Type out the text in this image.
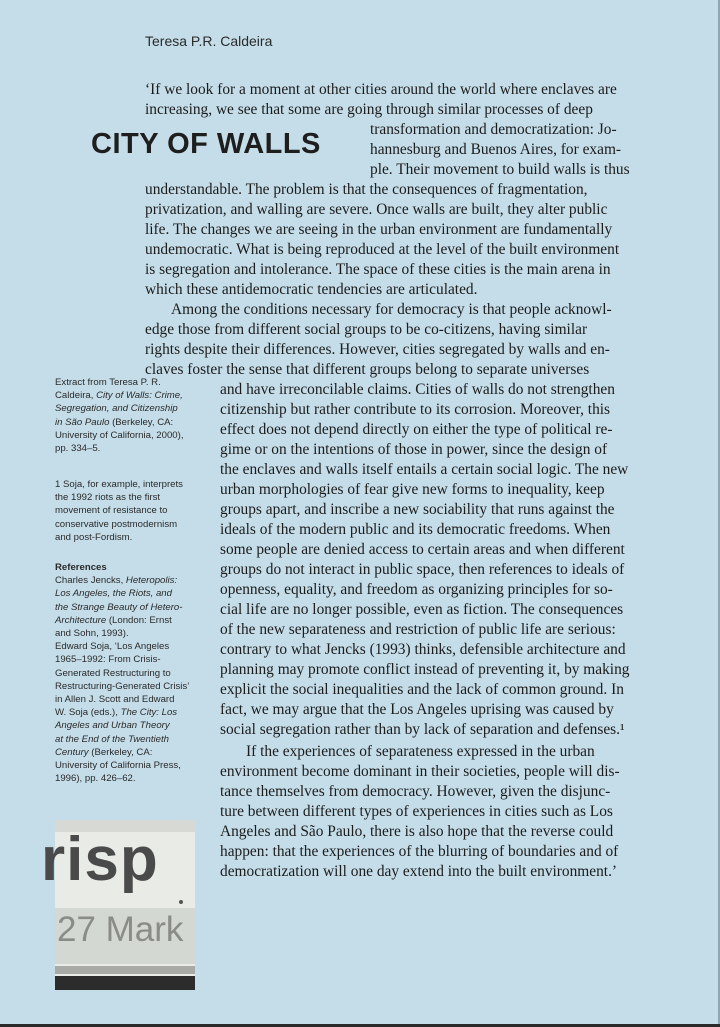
Teresa P.R. Caldeira
CITY OF WALLS
‘If we look for a moment at other cities around the world where enclaves are
increasing, we see that some are going through similar processes of deep
transformation and democratization: Jo-
hannesburg and Buenos Aires, for exam-
ple. Their movement to build walls is thus
understandable. The problem is that the consequences of fragmentation,
privatization, and walling are severe. Once walls are built, they alter public
life. The changes we are seeing in the urban environment are fundamentally
undemocratic. What is being reproduced at the level of the built environment
is segregation and intolerance. The space of these cities is the main arena in
which these antidemocratic tendencies are articulated.
Among the conditions necessary for democracy is that people acknowl-
edge those from different social groups to be co-citizens, having similar
rights despite their differences. However, cities segregated by walls and en-
claves foster the sense that different groups belong to separate universes
and have irreconcilable claims. Cities of walls do not strengthen
citizenship but rather contribute to its corrosion. Moreover, this
effect does not depend directly on either the type of political re-
gime or on the intentions of those in power, since the design of
the enclaves and walls itself entails a certain social logic. The new
urban morphologies of fear give new forms to inequality, keep
groups apart, and inscribe a new sociability that runs against the
ideals of the modern public and its democratic freedoms. When
some people are denied access to certain areas and when different
groups do not interact in public space, then references to ideals of
openness, equality, and freedom as organizing principles for so-
cial life are no longer possible, even as fiction. The consequences
of the new separateness and restriction of public life are serious:
contrary to what Jencks (1993) thinks, defensible architecture and
planning may promote conflict instead of preventing it, by making
explicit the social inequalities and the lack of common ground. In
fact, we may argue that the Los Angeles uprising was caused by
social segregation rather than by lack of separation and defenses.¹
If the experiences of separateness expressed in the urban
environment become dominant in their societies, people will dis-
tance themselves from democracy. However, given the disjunc-
ture between different types of experiences in cities such as Los
Angeles and São Paulo, there is also hope that the reverse could
happen: that the experiences of the blurring of boundaries and of
democratization will one day extend into the built environment.’
Extract from Teresa P. R.
Caldeira, City of Walls: Crime,
Segregation, and Citizenship
in São Paulo (Berkeley, CA:
University of California, 2000),
pp. 334–5.
1 Soja, for example, interprets
the 1992 riots as the first
movement of resistance to
conservative postmodernism
and post-Fordism.
References
Charles Jencks, Heteropolis:
Los Angeles, the Riots, and
the Strange Beauty of Hetero-
Architecture (London: Ernst
and Sohn, 1993).
Edward Soja, ‘Los Angeles
1965–1992: From Crisis-
Generated Restructuring to
Restructuring-Generated Crisis’
in Allen J. Scott and Edward
W. Soja (eds.), The City: Los
Angeles and Urban Theory
at the End of the Twentieth
Century (Berkeley, CA:
University of California Press,
1996), pp. 426–62.
risp
27 Mark
